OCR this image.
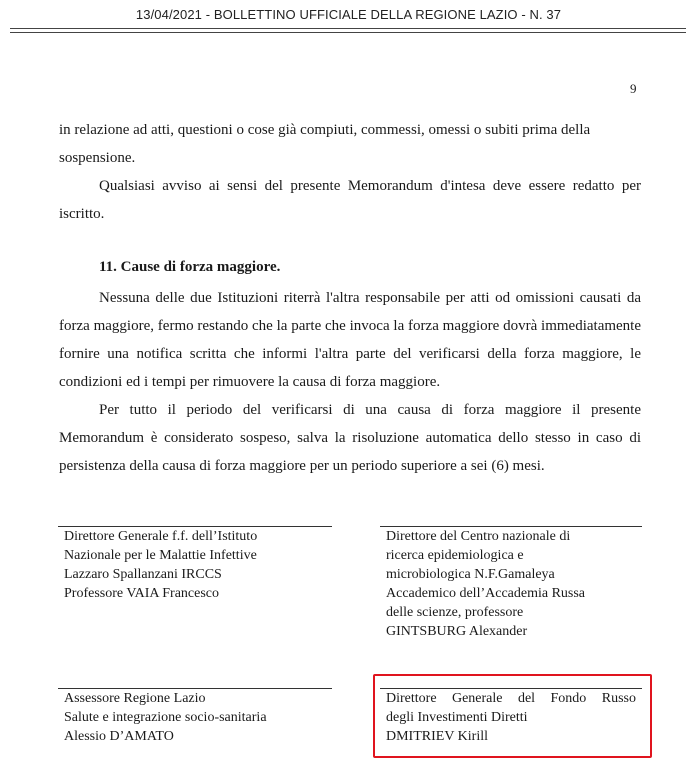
13/04/2021 - BOLLETTINO UFFICIALE DELLA REGIONE LAZIO - N. 37
9

in relazione ad atti, questioni o cose già compiuti, commessi, omessi o subiti prima della
sospensione.

Qualsiasi avviso ai sensi del presente Memorandum d'intesa deve essere redatto per iscritto.

11. Cause di forza maggiore.

Nessuna delle due Istituzioni riterrà l'altra responsabile per atti od omissioni causati da forza maggiore, fermo restando che la parte che invoca la forza maggiore dovrà immediatamente fornire una notifica scritta che informi l'altra parte del verificarsi della forza maggiore, le condizioni ed i tempi per rimuovere la causa di forza maggiore.

Per tutto il periodo del verificarsi di una causa di forza maggiore il presente Memorandum è considerato sospeso, salva la risoluzione automatica dello stesso in caso di persistenza della causa di forza maggiore per un periodo superiore a sei (6) mesi.

Direttore Generale f.f. dell’Istituto
Nazionale per le Malattie Infettive
Lazzaro Spallanzani IRCCS
Professore VAIA Francesco
Direttore del Centro nazionale di
ricerca epidemiologica e
microbiologica N.F.Gamaleya
Accademico dell’Accademia Russa
delle scienze, professore
GINTSBURG Alexander
Assessore Regione Lazio
Salute e integrazione socio-sanitaria
Alessio D’AMATO
Direttore Generale del Fondo Russo
degli Investimenti Diretti
DMITRIEV Kirill
